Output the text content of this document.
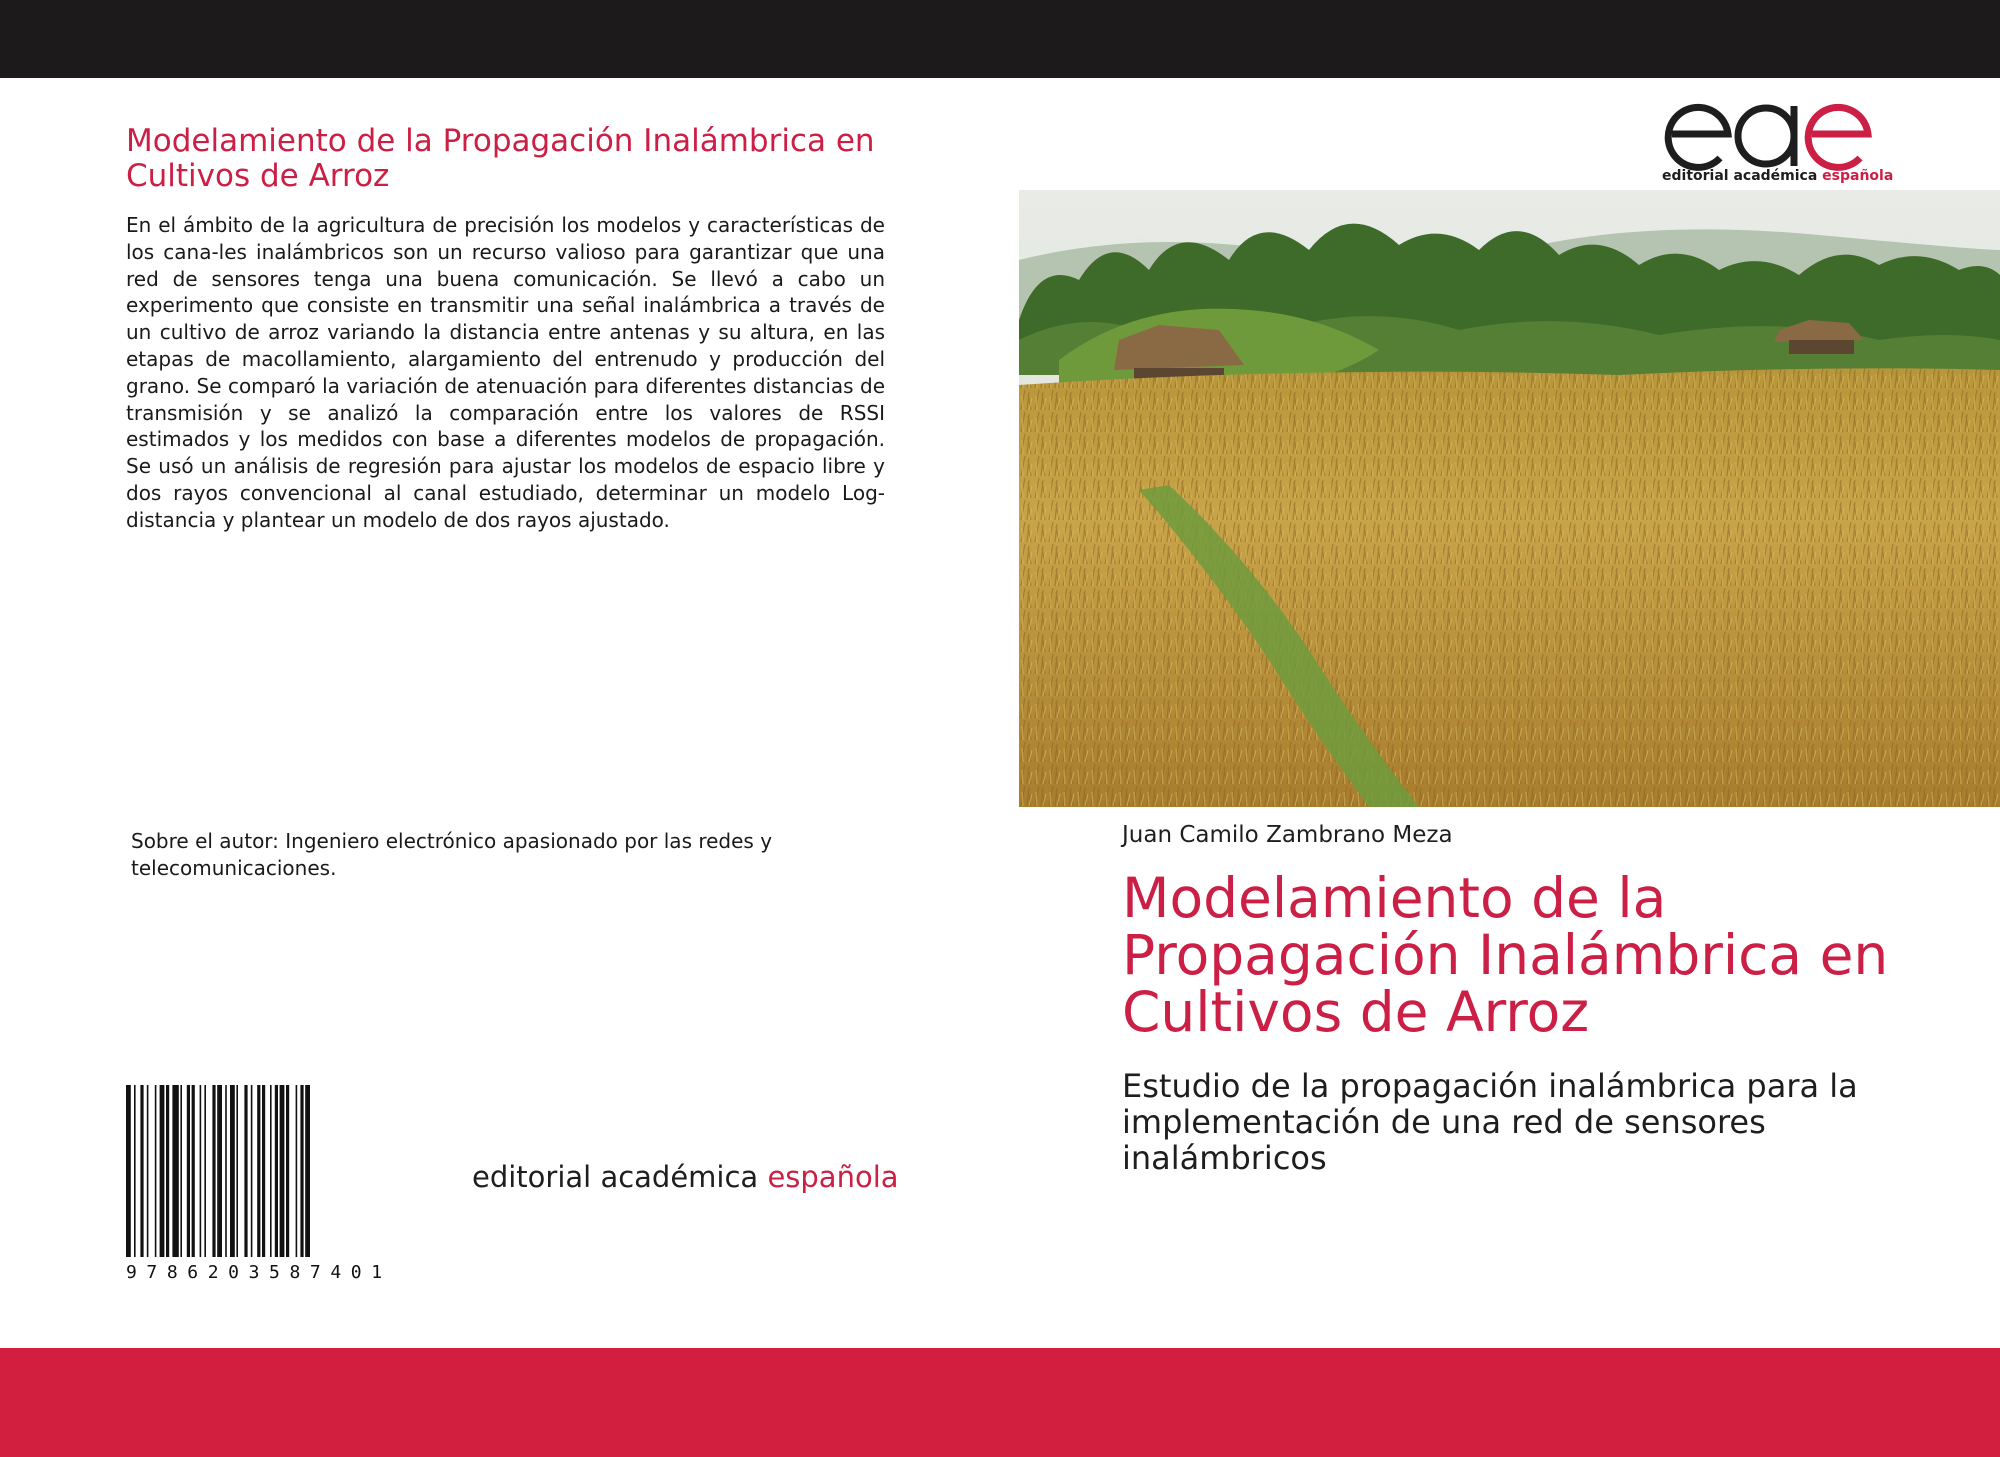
Modelamiento de la Propagación Inalámbrica en Cultivos de Arroz

En el ámbito de la agricultura de precisión los modelos y características de los cana-les inalámbricos son un recurso valioso para garantizar que una red de sensores tenga una buena comunicación. Se llevó a cabo un experimento que consiste en transmitir una señal inalámbrica a través de un cultivo de arroz variando la distancia entre antenas y su altura, en las etapas de macollamiento, alargamiento del entrenudo y producción del grano. Se comparó la variación de atenuación para diferentes distancias de transmisión y se analizó la comparación entre los valores de RSSI estimados y los medidos con base a diferentes modelos de propagación. Se usó un análisis de regresión para ajustar los modelos de espacio libre y dos rayos convencional al canal estudiado, determinar un modelo Log-distancia y plantear un modelo de dos rayos ajustado.

Sobre el autor: Ingeniero electrónico apasionado por las redes y telecomunicaciones.

9786203587401
editorial académica española
editorial académica española
Juan Camilo Zambrano Meza
Modelamiento de la Propagación Inalámbrica en Cultivos de Arroz

Estudio de la propagación inalámbrica para la implementación de una red de sensores inalámbricos
